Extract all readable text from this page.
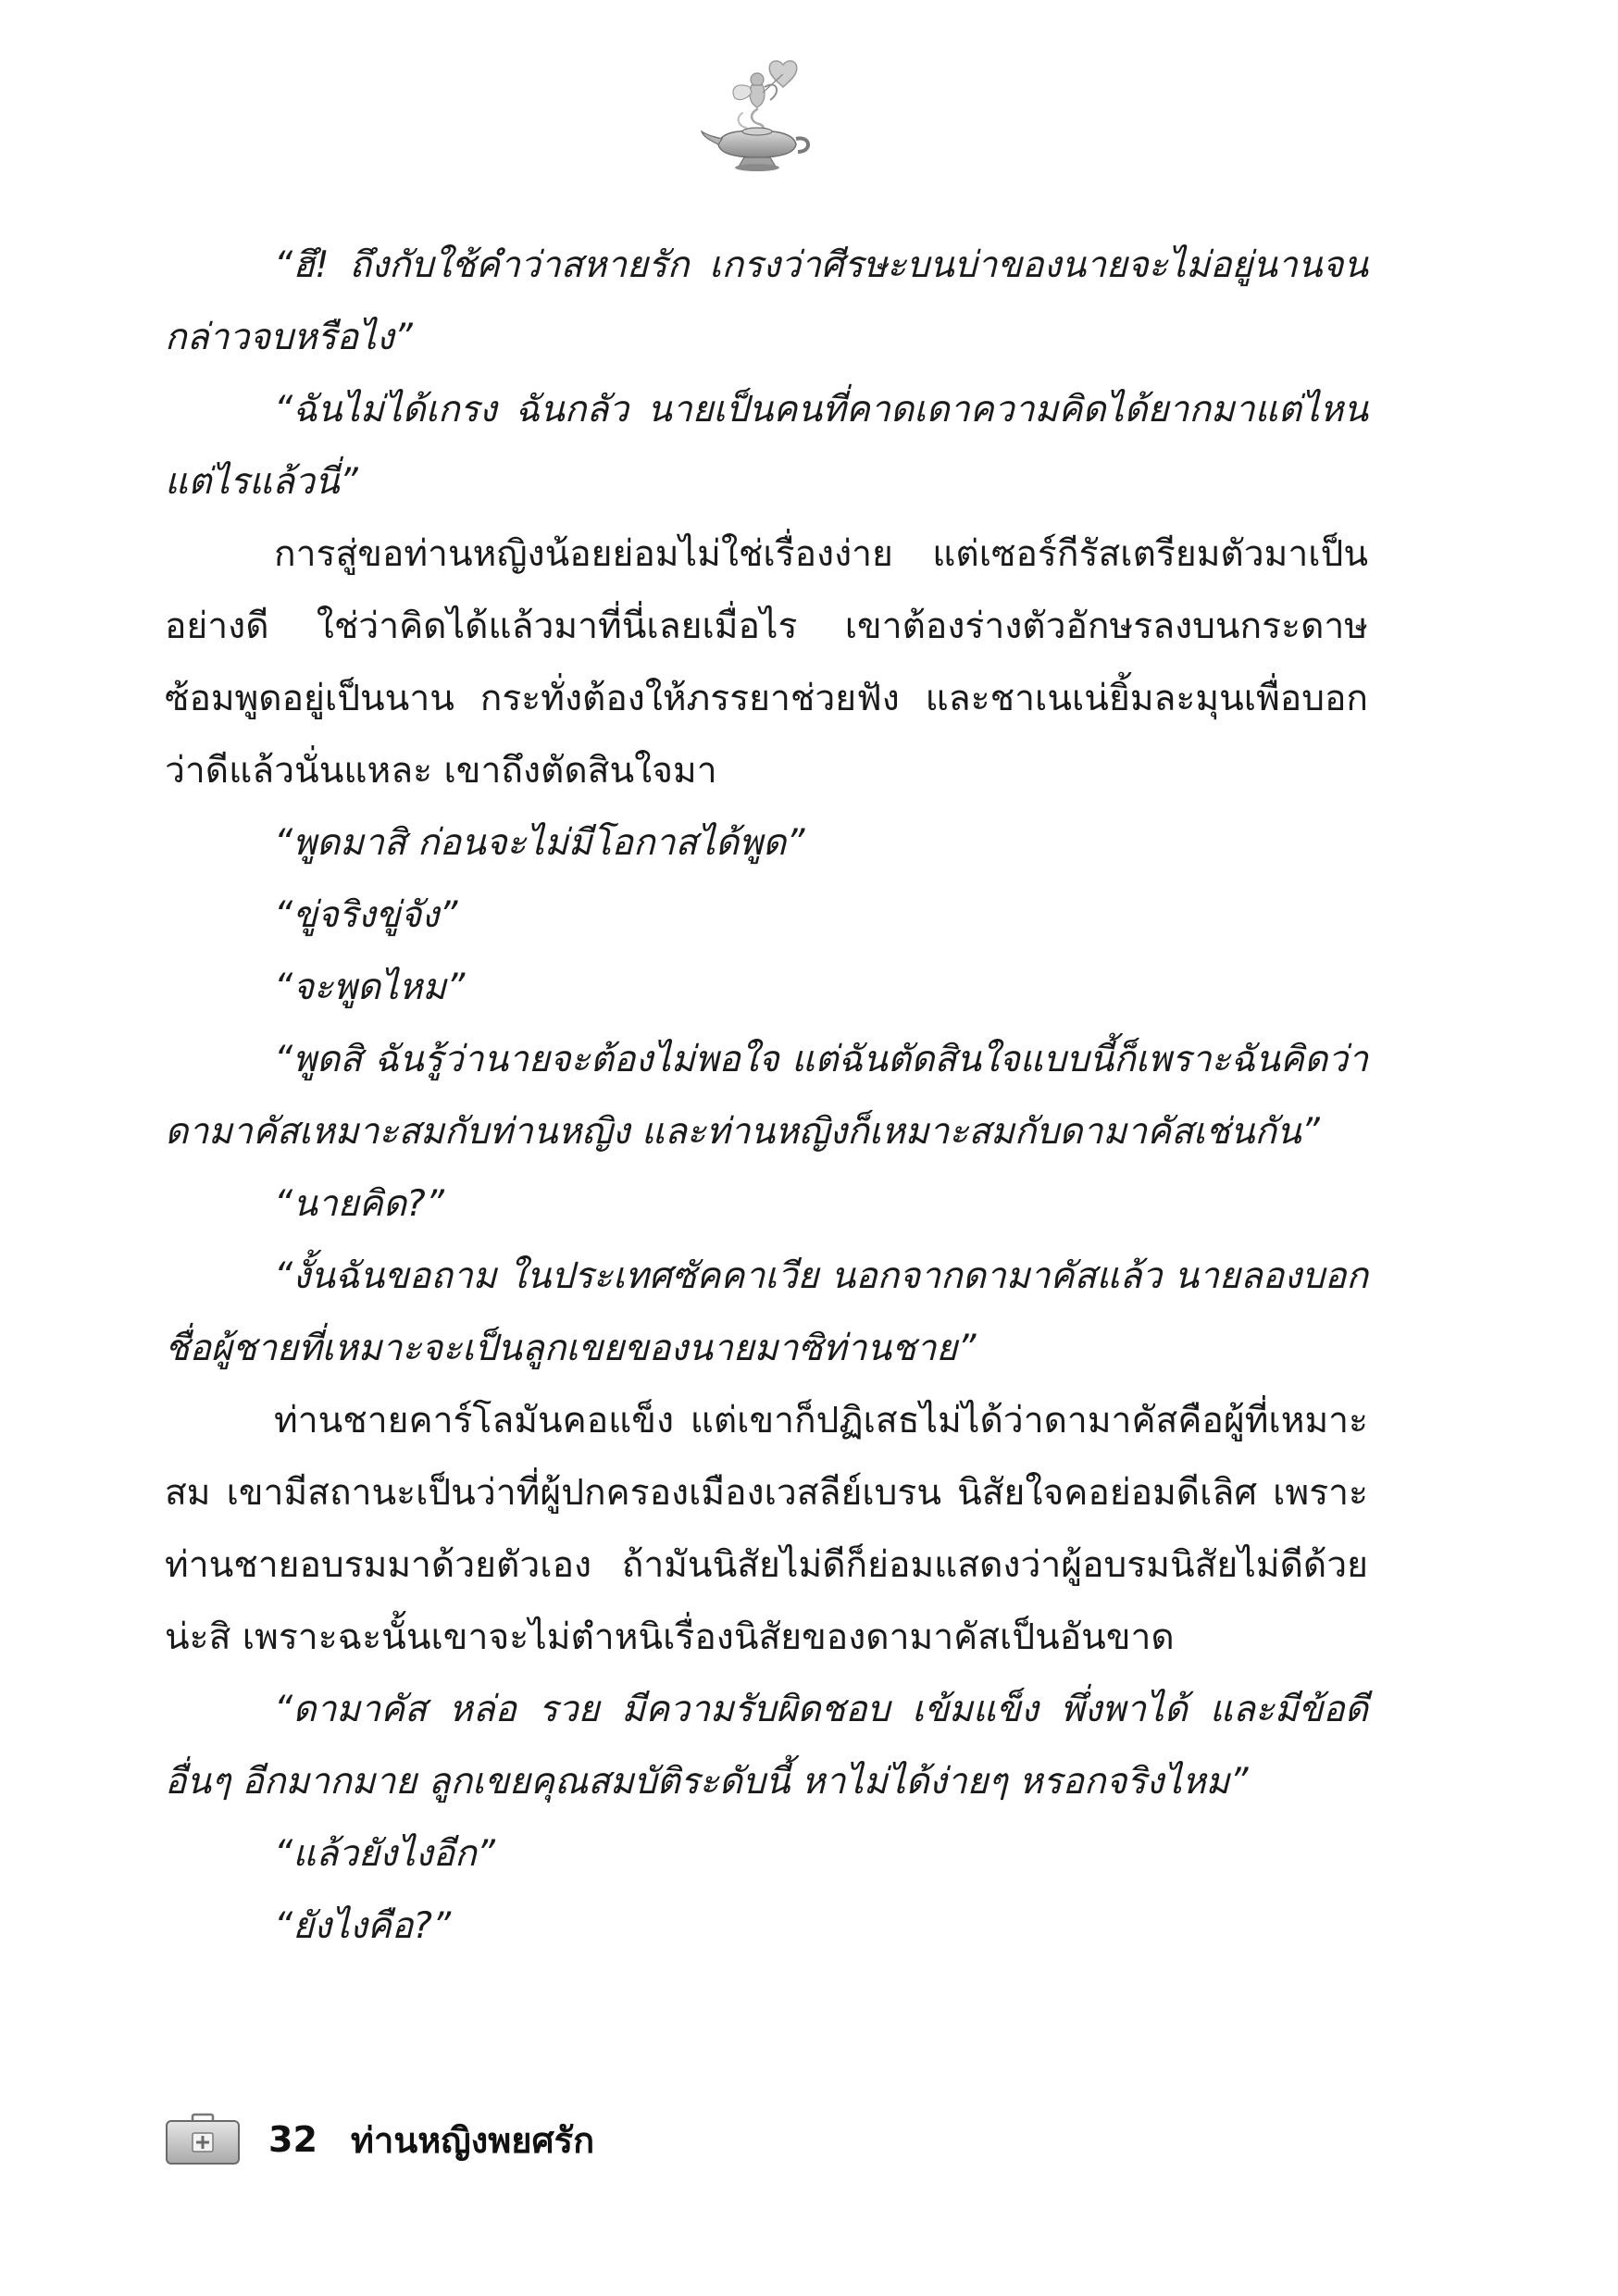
“ฮึ! ถึงกับใช้คำว่าสหายรัก เกรงว่าศีรษะบนบ่าของนายจะไม่อยู่นานจนกล่าวจบหรือไง”

“ฉันไม่ได้เกรง ฉันกลัว นายเป็นคนที่คาดเดาความคิดได้ยากมาแต่ไหนแต่ไรแล้วนี่”

การสู่ขอท่านหญิงน้อยย่อมไม่ใช่เรื่องง่าย แต่เซอร์กีรัสเตรียมตัวมาเป็นอย่างดี ใช่ว่าคิดได้แล้วมาที่นี่เลยเมื่อไร เขาต้องร่างตัวอักษรลงบนกระดาษ ซ้อมพูดอยู่เป็นนาน กระทั่งต้องให้ภรรยาช่วยฟัง และชาเนเน่ยิ้มละมุนเพื่อบอกว่าดีแล้วนั่นแหละ เขาถึงตัดสินใจมา

“พูดมาสิ ก่อนจะไม่มีโอกาสได้พูด”

“ขู่จริงขู่จัง”

“จะพูดไหม”

“พูดสิ ฉันรู้ว่านายจะต้องไม่พอใจ แต่ฉันตัดสินใจแบบนี้ก็เพราะฉันคิดว่าดามาคัสเหมาะสมกับท่านหญิง และท่านหญิงก็เหมาะสมกับดามาคัสเช่นกัน”

“นายคิด?”

“งั้นฉันขอถาม ในประเทศซัคคาเวีย นอกจากดามาคัสแล้ว นายลองบอกชื่อผู้ชายที่เหมาะจะเป็นลูกเขยของนายมาซิท่านชาย”

ท่านชายคาร์โลมันคอแข็ง แต่เขาก็ปฏิเสธไม่ได้ว่าดามาคัสคือผู้ที่เหมาะสม เขามีสถานะเป็นว่าที่ผู้ปกครองเมืองเวสลีย์เบรน นิสัยใจคอย่อมดีเลิศ เพราะท่านชายอบรมมาด้วยตัวเอง ถ้ามันนิสัยไม่ดีก็ย่อมแสดงว่าผู้อบรมนิสัยไม่ดีด้วยน่ะสิ เพราะฉะนั้นเขาจะไม่ตำหนิเรื่องนิสัยของดามาคัสเป็นอันขาด

“ดามาคัส หล่อ รวย มีความรับผิดชอบ เข้มแข็ง พึ่งพาได้ และมีข้อดีอื่นๆ อีกมากมาย ลูกเขยคุณสมบัติระดับนี้ หาไม่ได้ง่ายๆ หรอกจริงไหม”

“แล้วยังไงอีก”

“ยังไงคือ?”

32 ท่านหญิงพยศรัก
